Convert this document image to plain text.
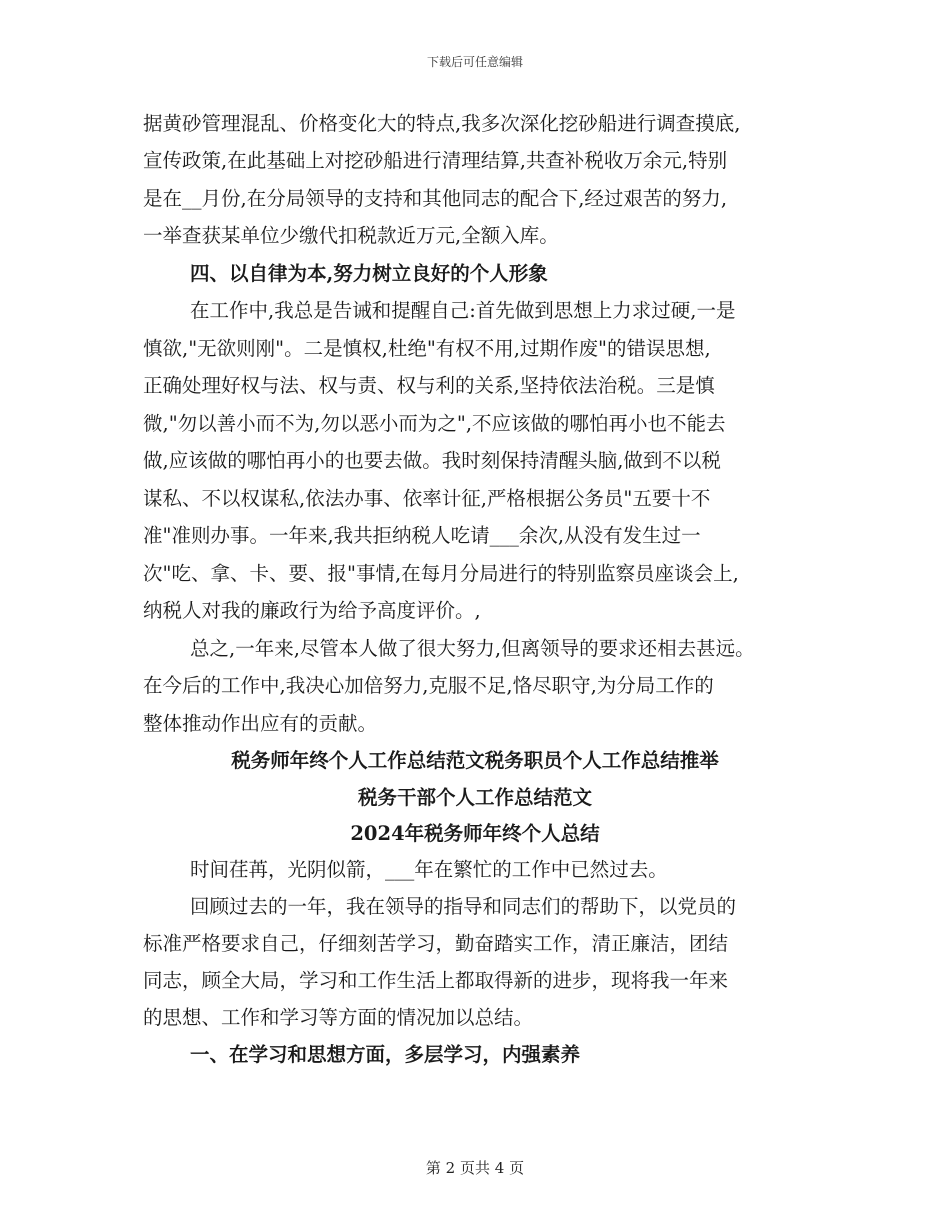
下载后可任意编辑

据黄砂管理混乱、价格变化大的特点,我多次深化挖砂船进行调查摸底,

宣传政策,在此基础上对挖砂船进行清理结算,共查补税收万余元,特别

是在__月份,在分局领导的支持和其他同志的配合下,经过艰苦的努力,

一举查获某单位少缴代扣税款近万元,全额入库。

四、以自律为本,努力树立良好的个人形象

在工作中,我总是告诫和提醒自己:首先做到思想上力求过硬,一是

慎欲,"无欲则刚"。二是慎权,杜绝"有权不用,过期作废"的错误思想,

正确处理好权与法、权与责、权与利的关系,坚持依法治税。三是慎

微,"勿以善小而不为,勿以恶小而为之",不应该做的哪怕再小也不能去

做,应该做的哪怕再小的也要去做。我时刻保持清醒头脑,做到不以税

谋私、不以权谋私,依法办事、依率计征,严格根据公务员"五要十不

准"准则办事。一年来,我共拒纳税人吃请___余次,从没有发生过一

次"吃、拿、卡、要、报"事情,在每月分局进行的特别监察员座谈会上,

纳税人对我的廉政行为给予高度评价。,

总之,一年来,尽管本人做了很大努力,但离领导的要求还相去甚远。

在今后的工作中,我决心加倍努力,克服不足,恪尽职守,为分局工作的

整体推动作出应有的贡献。

税务师年终个人工作总结范文税务职员个人工作总结推举

税务干部个人工作总结范文

2024年税务师年终个人总结

时间荏苒，光阴似箭，___年在繁忙的工作中已然过去。

回顾过去的一年，我在领导的指导和同志们的帮助下，以党员的

标准严格要求自己，仔细刻苦学习，勤奋踏实工作，清正廉洁，团结

同志，顾全大局，学习和工作生活上都取得新的进步，现将我一年来

的思想、工作和学习等方面的情况加以总结。

一、在学习和思想方面，多层学习，内强素养

第 2 页共 4 页
